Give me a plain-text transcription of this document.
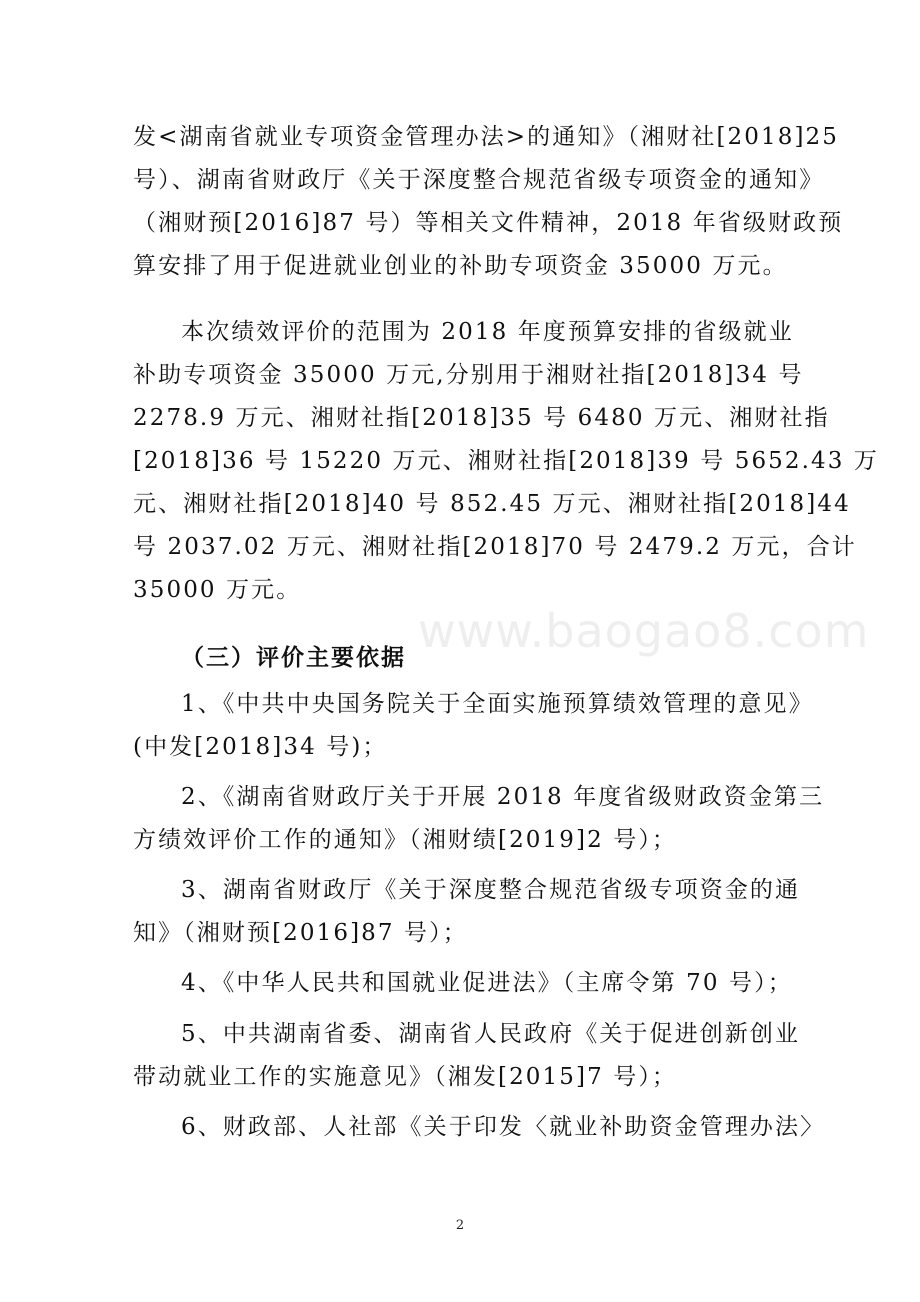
发<湖南省就业专项资金管理办法>的通知》（湘财社[2018]25
号）、湖南省财政厅《关于深度整合规范省级专项资金的通知》
（湘财预[2016]87 号）等相关文件精神，2018 年省级财政预
算安排了用于促进就业创业的补助专项资金 35000 万元。
本次绩效评价的范围为 2018 年度预算安排的省级就业
补助专项资金 35000 万元,分别用于湘财社指[2018]34 号
2278.9 万元、湘财社指[2018]35 号 6480 万元、湘财社指
[2018]36 号 15220 万元、湘财社指[2018]39 号 5652.43 万
元、湘财社指[2018]40 号 852.45 万元、湘财社指[2018]44
号 2037.02 万元、湘财社指[2018]70 号 2479.2 万元，合计
35000 万元。
（三）评价主要依据
1、《中共中央国务院关于全面实施预算绩效管理的意见》
(中发[2018]34 号)；
2、《湖南省财政厅关于开展 2018 年度省级财政资金第三
方绩效评价工作的通知》（湘财绩[2019]2 号）；
3、湖南省财政厅《关于深度整合规范省级专项资金的通
知》（湘财预[2016]87 号）；
4、《中华人民共和国就业促进法》（主席令第 70 号）；
5、中共湖南省委、湖南省人民政府《关于促进创新创业
带动就业工作的实施意见》（湘发[2015]7 号）；
6、财政部、人社部《关于印发〈就业补助资金管理办法〉
www.baogao8.com
2
